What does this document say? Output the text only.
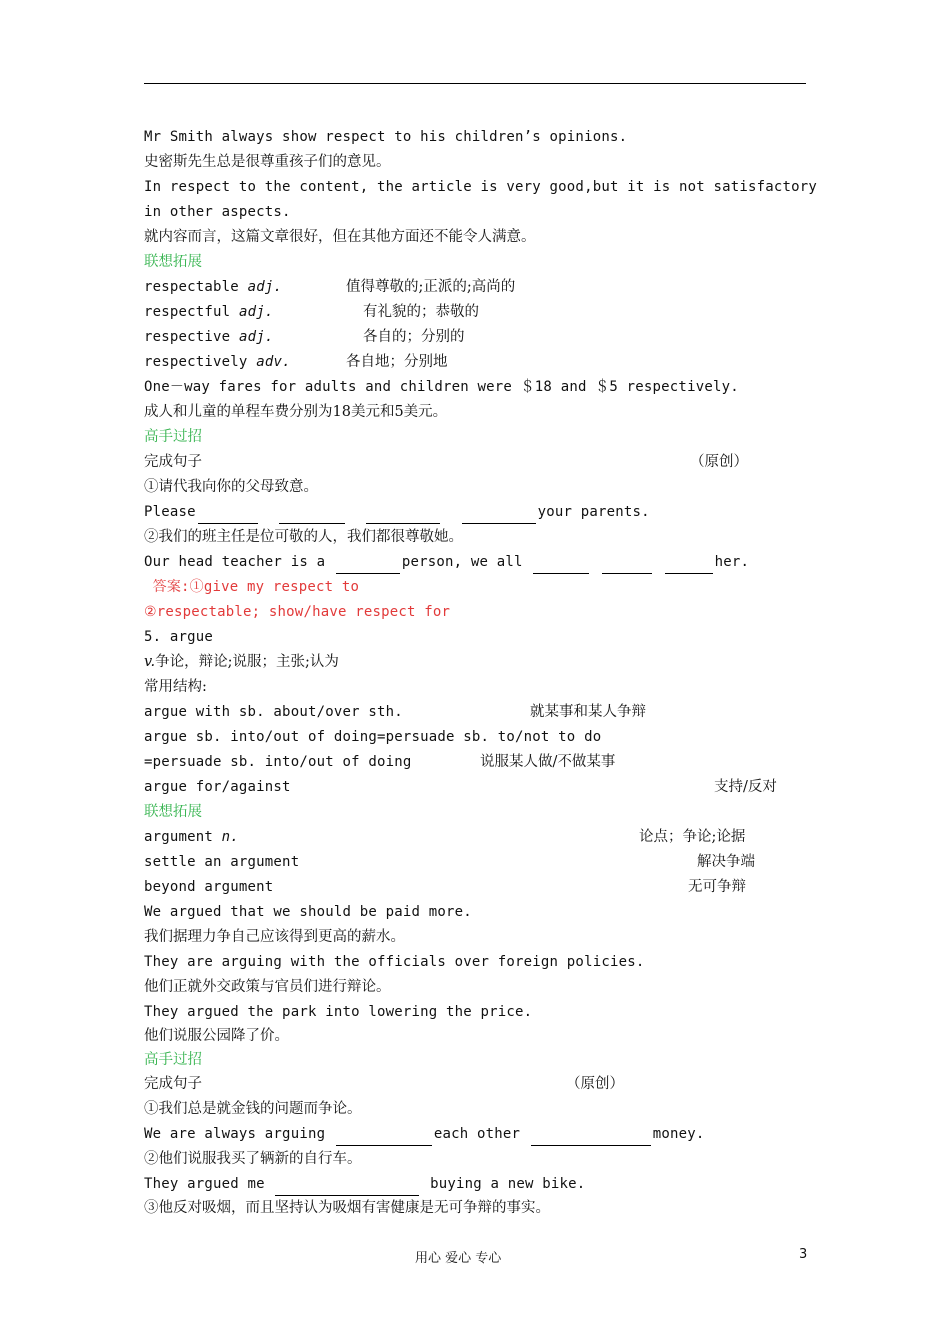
Mr Smith always show respect to his children’s opinions.
史密斯先生总是很尊重孩子们的意见。
In respect to the content, the article is very good,but it is not satisfactory
in other aspects.
就内容而言，这篇文章很好，但在其他方面还不能令人满意。
联想拓展
respectable adj.	值得尊敬的;正派的;高尚的
respectful adj.	有礼貌的；恭敬的
respective adj.	各自的；分别的
respectively adv.	各自地；分别地
One－way fares for adults and children were ＄18 and ＄5 respectively.
成人和儿童的单程车费分别为18美元和5美元。
高手过招
完成句子	（原创）
①请代我向你的父母致意。
Please	your parents.
②我们的班主任是位可敬的人，我们都很尊敬她。
Our head teacher is a	person, we all	her.
答案:①give my respect to
②respectable; show/have respect for
5. argue
v.争论，辩论;说服；主张;认为
常用结构:
argue with sb. about/over sth.	就某事和某人争辩
argue sb. into/out of doing=persuade sb. to/not to do
=persuade sb. into/out of doing	说服某人做/不做某事
argue for/against	支持/反对
联想拓展
argument n.	论点；争论;论据
settle an argument	解决争端
beyond argument	无可争辩
We argued that we should be paid more.
我们据理力争自己应该得到更高的薪水。
They are arguing with the officials over foreign policies.
他们正就外交政策与官员们进行辩论。
They argued the park into lowering the price.
他们说服公园降了价。
高手过招
完成句子	（原创）
①我们总是就金钱的问题而争论。
We are always arguing	each other	money.
②他们说服我买了辆新的自行车。
They argued me	buying a new bike.
③他反对吸烟，而且坚持认为吸烟有害健康是无可争辩的事实。
用心 爱心 专心	3
